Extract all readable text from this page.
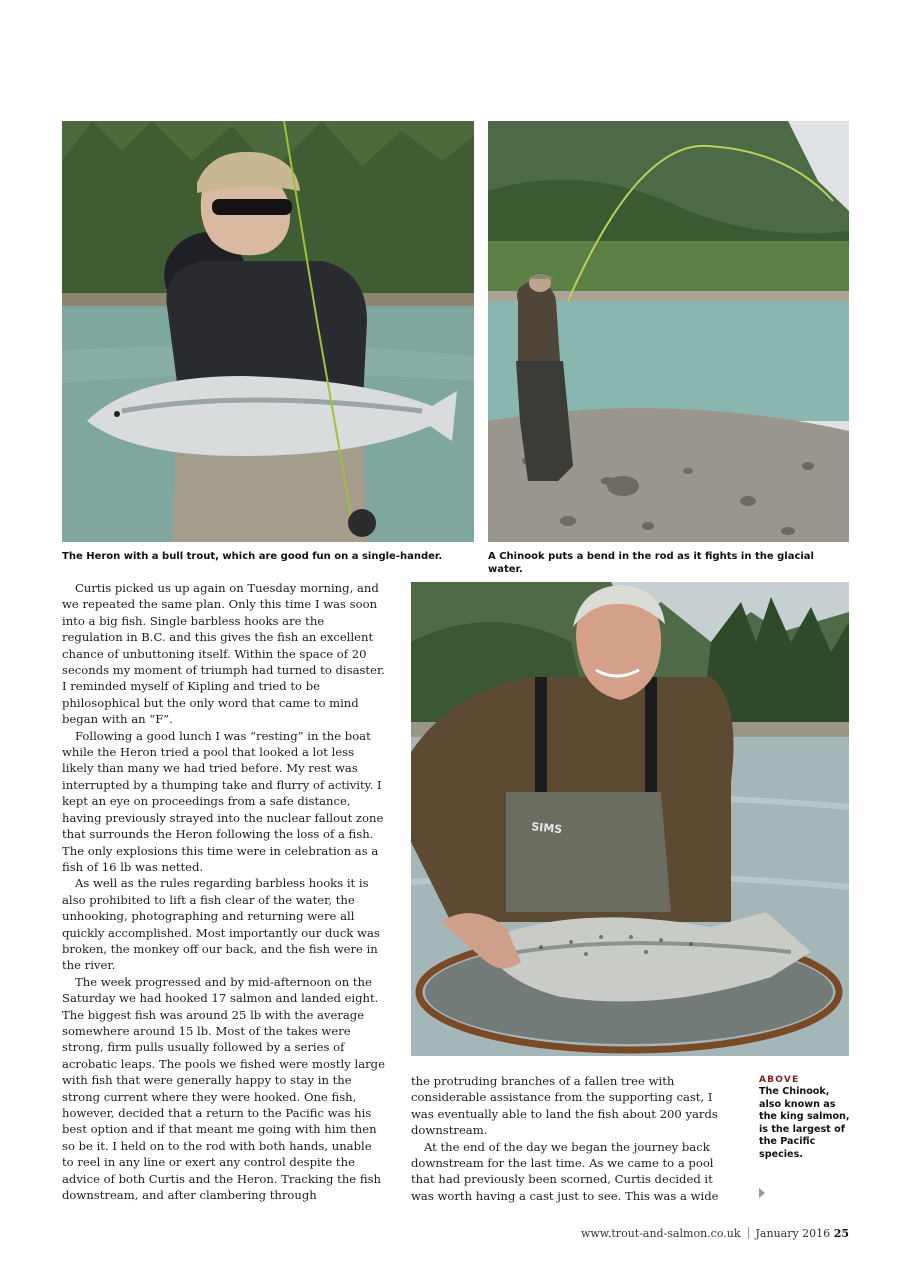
The Heron with a bull trout, which are good fun on a single-hander.	A Chinook puts a bend in the rod as it fights in the glacial water.
SIMS

Curtis picked us up again on Tuesday morning, and we repeated the same plan. Only this time I was soon into a big fish. Single barbless hooks are the regulation in B.C. and this gives the fish an excellent chance of unbuttoning itself. Within the space of 20 seconds my moment of triumph had turned to disaster. I reminded myself of Kipling and tried to be philosophical but the only word that came to mind began with an “F”.

Following a good lunch I was “resting” in the boat while the Heron tried a pool that looked a lot less likely than many we had tried before. My rest was interrupted by a thumping take and flurry of activity. I kept an eye on proceedings from a safe distance, having previously strayed into the nuclear fallout zone that surrounds the Heron following the loss of a fish. The only explosions this time were in celebration as a fish of 16 lb was netted.

As well as the rules regarding barbless hooks it is also prohibited to lift a fish clear of the water, the unhooking, photographing and returning were all quickly accomplished. Most importantly our duck was broken, the monkey off our back, and the fish were in the river.

The week progressed and by mid-afternoon on the Saturday we had hooked 17 salmon and landed eight. The biggest fish was around 25 lb with the average somewhere around 15 lb. Most of the takes were strong, firm pulls usually followed by a series of acrobatic leaps. The pools we fished were mostly large with fish that were generally happy to stay in the strong current where they were hooked. One fish, however, decided that a return to the Pacific was his best option and if that meant me going with him then so be it. I held on to the rod with both hands, unable to reel in any line or exert any control despite the advice of both Curtis and the Heron. Tracking the fish downstream, and after clambering through

the protruding branches of a fallen tree with considerable assistance from the supporting cast, I was eventually able to land the fish about 200 yards downstream.

At the end of the day we began the journey back downstream for the last time. As we came to a pool that had previously been scorned, Curtis decided it was worth having a cast just to see. This was a wide

ABOVE
The Chinook, also known as the king salmon, is the largest of the Pacific species.
www.trout-and-salmon.co.uk January 2016 25
